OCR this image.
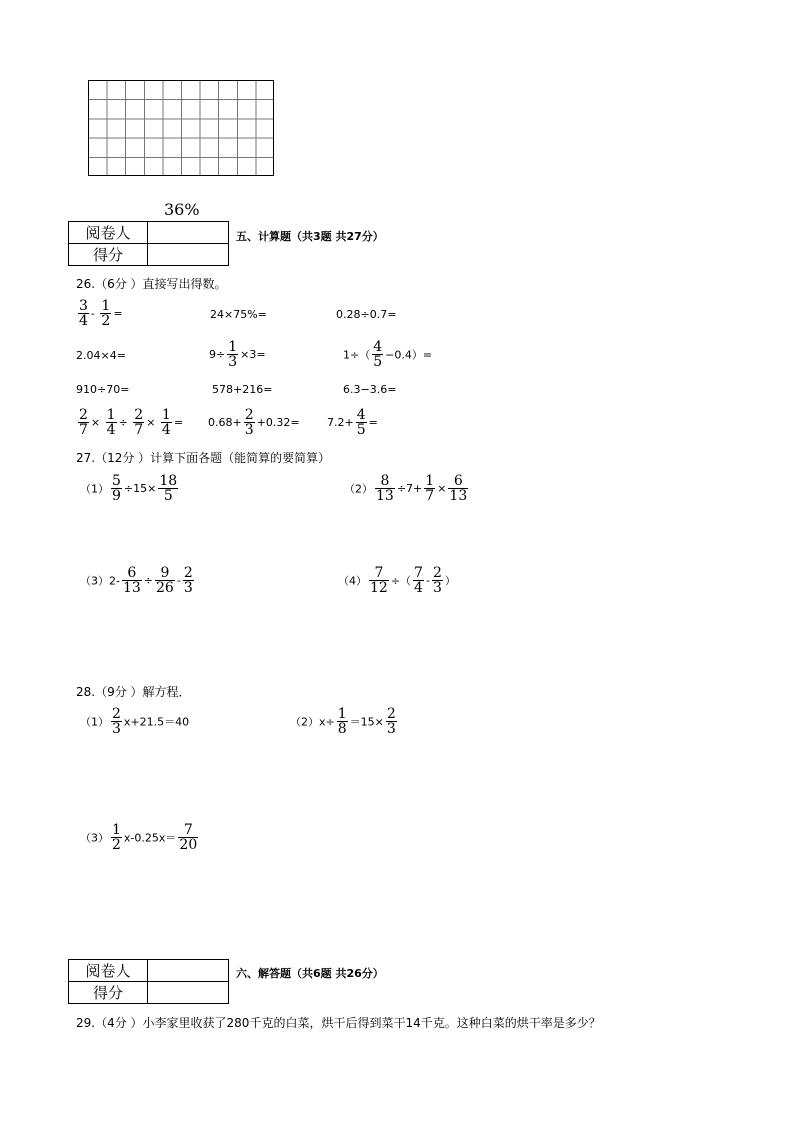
36%
阅卷人	
得分	
五、计算题（共3题 共27分）
26.（6分 ）直接写出得数。
$\frac{3}{4} - \frac{1}{2}$ =	24×75%=	0.28÷0.7=
2.04×4=	$9\div \frac{1}{3} \times 3=$	$1\div( \frac{4}{5} -0.4)=$
910÷70=	578+216=	6.3−3.6=
$\frac{2}{7} \times \frac{1}{4} \div \frac{2}{7} \times \frac{1}{4} = 0.68+ \frac{2}{3} +0.32= 7.2+ \frac{4}{5}$ =
27.（12分 ）计算下面各题（能简算的要简算）
$(1) \frac{5}{9} \div 15\times \frac{18}{5}$	$(2) \frac{8}{13} \div 7+ \frac{1}{7} \times \frac{6}{13}$
$(3)2- \frac{6}{13} \div \frac{9}{26} - \frac{2}{3}$	$(4) \frac{7}{12}$ ÷（ $\frac{7}{4} - \frac{2}{3}$ ）
28.（9分 ）解方程．
$(1) \frac{2}{3} x+21.5=40$	$(2)x\div \frac{1}{8} =15\times \frac{2}{3}$
$(3) \frac{1}{2} x-0.25x= \frac{7}{20}$
阅卷人	
得分	
六、解答题（共6题 共26分）
29.（4分 ）小李家里收获了280千克的白菜，烘干后得到菜干14千克。这种白菜的烘干率是多少？
